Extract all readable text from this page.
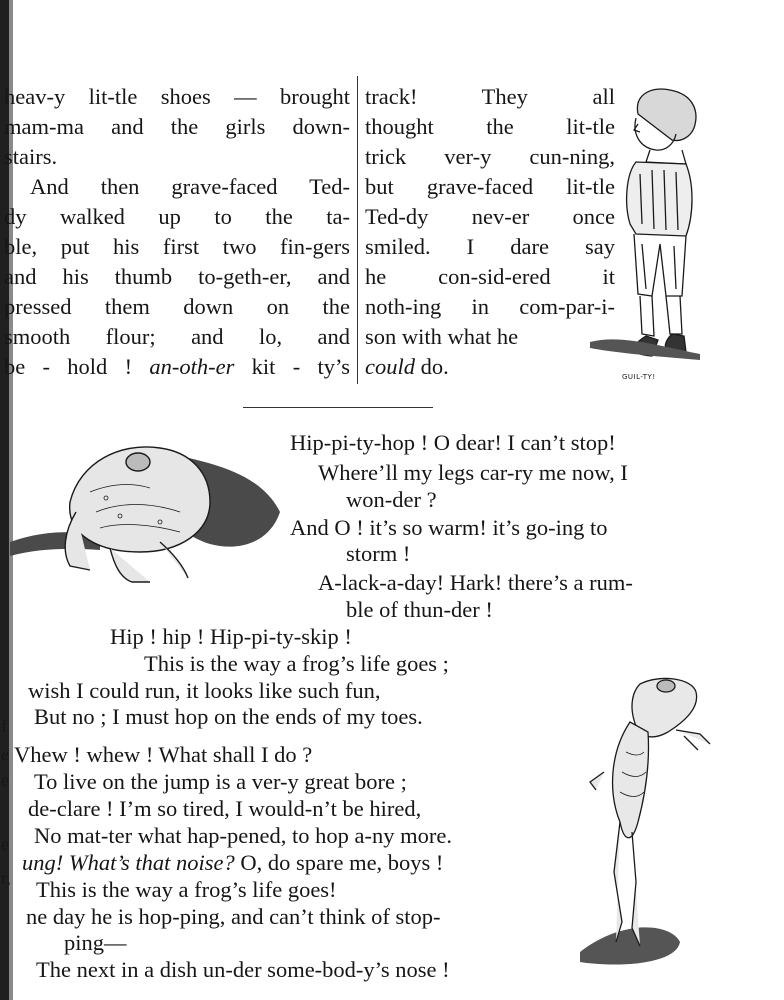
heav-y lit-tle shoes — brought
mam-ma and the girls down-
stairs.
And then grave-faced Ted-
dy walked up to the ta-
ble, put his first two fin-gers
and his thumb to-geth-er, and
pressed them down on the
smooth flour; and lo, and
be - hold ! an-oth-er kit - ty’s
track! They all
thought the lit-tle
trick ver-y cun-ning,
but grave-faced lit-tle
Ted-dy nev-er once
smiled. I dare say
he con-sid-ered it
noth-ing in com-par-i-
son with what he
could do.	GUIL-TY!
Hip-pi-ty-hop ! O dear! I can’t stop!
Where’ll my legs car-ry me now, I
won-der ?
And O ! it’s so warm! it’s go-ing to
storm !
A-lack-a-day! Hark! there’s a rum-
ble of thun-der !
Hip ! hip ! Hip-pi-ty-skip !
This is the way a frog’s life goes ;
wish I could run, it looks like such fun,
But no ; I must hop on the ends of my toes.
Vhew ! whew ! What shall I do ?
To live on the jump is a ver-y great bore ;
de-clare ! I’m so tired, I would-n’t be hired,
No mat-ter what hap-pened, to hop a-ny more.
ung! What’s that noise? O, do spare me, boys !
This is the way a frog’s life goes!
ne day he is hop-ping, and can’t think of stop-
ping—
The next in a dish un-der some-bod-y’s nose !
f
e
e
e
r,
